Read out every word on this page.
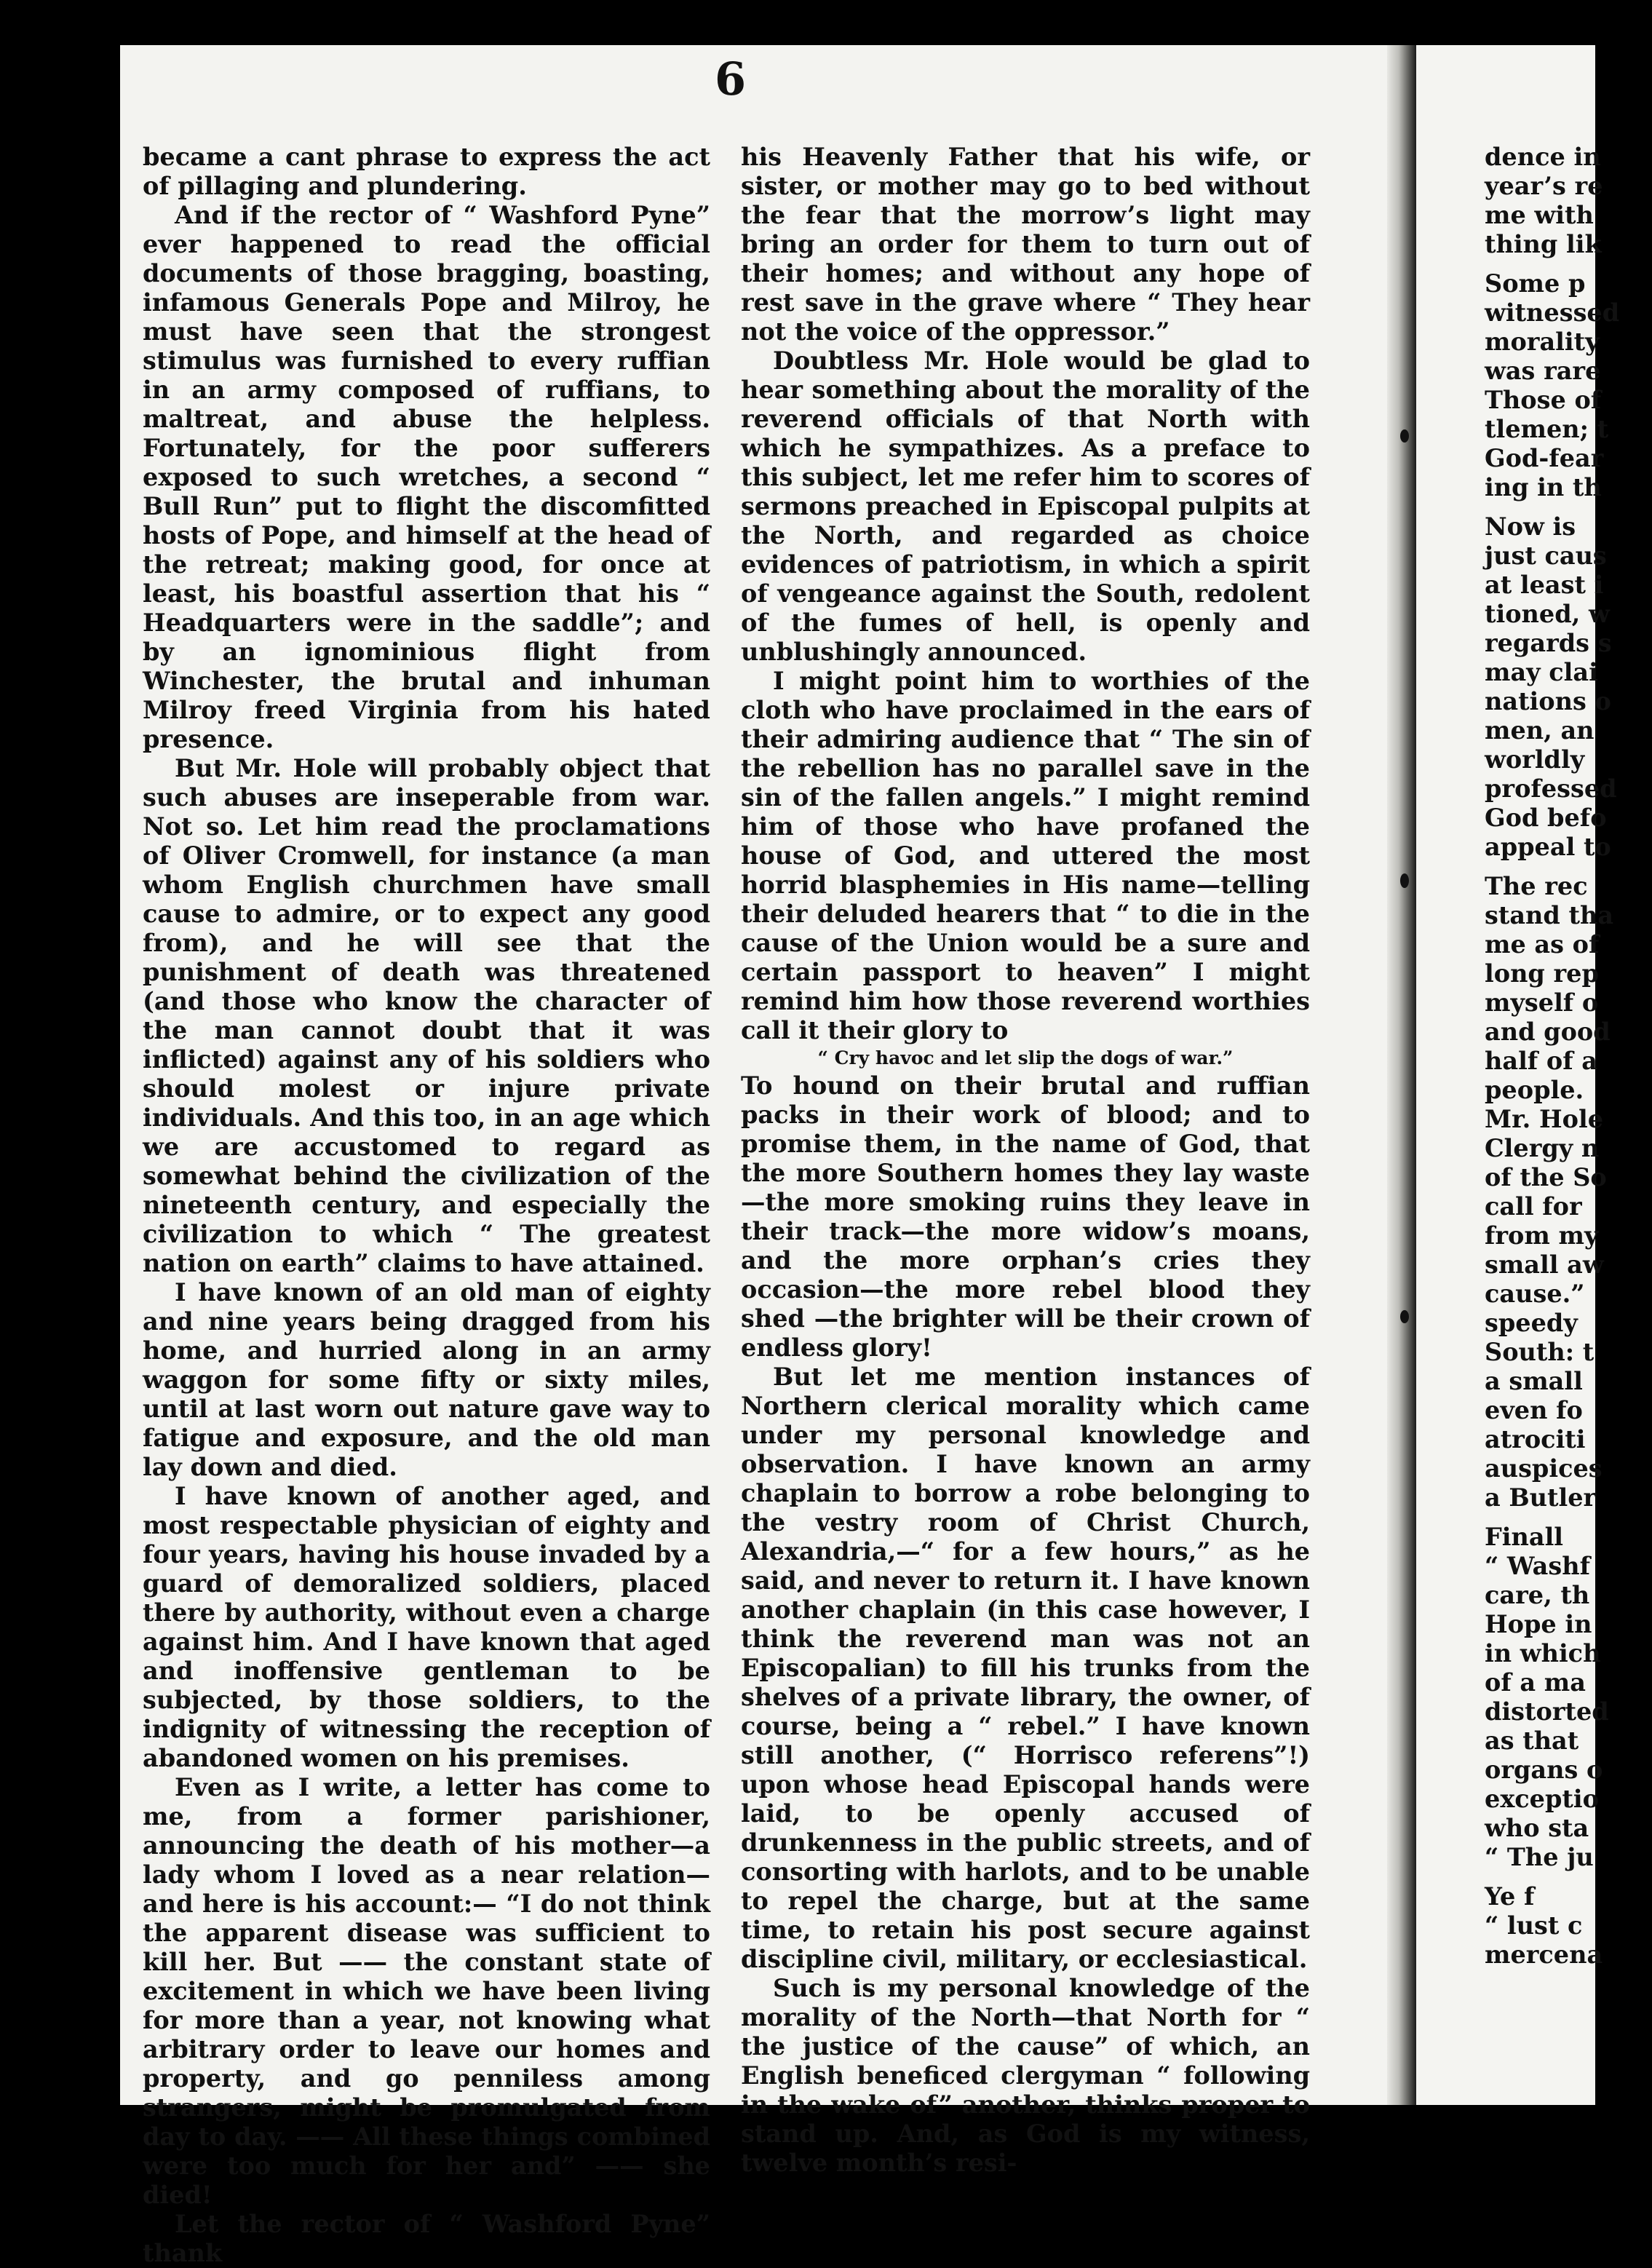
6

became a cant phrase to express the act of pillaging and plundering.

And if the rector of “ Washford Pyne” ever happened to read the official documents of those bragging, boasting, infamous Generals Pope and Milroy, he must have seen that the strongest stimulus was furnished to every ruffian in an army composed of ruffians, to maltreat, and abuse the helpless. Fortunately, for the poor sufferers exposed to such wretches, a second “ Bull Run” put to flight the discomfitted hosts of Pope, and himself at the head of the retreat; making good, for once at least, his boastful assertion that his “ Headquarters were in the saddle”; and by an ignominious flight from Winchester, the brutal and inhuman Milroy freed Virginia from his hated presence.

But Mr. Hole will probably object that such abuses are inseperable from war. Not so. Let him read the proclamations of Oliver Cromwell, for instance (a man whom English churchmen have small cause to admire, or to expect any good from), and he will see that the punishment of death was threatened (and those who know the character of the man cannot doubt that it was inflicted) against any of his soldiers who should molest or injure private individuals. And this too, in an age which we are accustomed to regard as somewhat behind the civilization of the nineteenth century, and especially the civilization to which “ The greatest nation on earth” claims to have attained.

I have known of an old man of eighty and nine years being dragged from his home, and hurried along in an army waggon for some fifty or sixty miles, until at last worn out nature gave way to fatigue and exposure, and the old man lay down and died.

I have known of another aged, and most respectable physician of eighty and four years, having his house invaded by a guard of demoralized soldiers, placed there by authority, without even a charge against him. And I have known that aged and inoffensive gentleman to be subjected, by those soldiers, to the indignity of witnessing the reception of abandoned women on his premises.

Even as I write, a letter has come to me, from a former parishioner, announcing the death of his mother—a lady whom I loved as a near relation—and here is his account:— “I do not think the apparent disease was sufficient to kill her. But —— the constant state of excitement in which we have been living for more than a year, not knowing what arbitrary order to leave our homes and property, and go penniless among strangers, might be promulgated from day to day. —— All these things combined were too much for her and” —— she died!

Let the rector of “ Washford Pyne” thank

his Heavenly Father that his wife, or sister, or mother may go to bed without the fear that the morrow’s light may bring an order for them to turn out of their homes; and without any hope of rest save in the grave where “ They hear not the voice of the oppressor.”

Doubtless Mr. Hole would be glad to hear something about the morality of the reverend officials of that North with which he sympathizes. As a preface to this subject, let me refer him to scores of sermons preached in Episcopal pulpits at the North, and regarded as choice evidences of patriotism, in which a spirit of vengeance against the South, redolent of the fumes of hell, is openly and unblushingly announced.

I might point him to worthies of the cloth who have proclaimed in the ears of their admiring audience that “ The sin of the rebellion has no parallel save in the sin of the fallen angels.” I might remind him of those who have profaned the house of God, and uttered the most horrid blasphemies in His name—telling their deluded hearers that “ to die in the cause of the Union would be a sure and certain passport to heaven” I might remind him how those reverend worthies call it their glory to

“ Cry havoc and let slip the dogs of war.”

To hound on their brutal and ruffian packs in their work of blood; and to promise them, in the name of God, that the more Southern homes they lay waste—the more smoking ruins they leave in their track—the more widow’s moans, and the more orphan’s cries they occasion—the more rebel blood they shed —the brighter will be their crown of endless glory!

But let me mention instances of Northern clerical morality which came under my personal knowledge and observation. I have known an army chaplain to borrow a robe belonging to the vestry room of Christ Church, Alexandria,—“ for a few hours,” as he said, and never to return it. I have known another chaplain (in this case however, I think the reverend man was not an Episcopalian) to fill his trunks from the shelves of a private library, the owner, of course, being a “ rebel.” I have known still another, (“ Horrisco referens”!) upon whose head Episcopal hands were laid, to be openly accused of drunkenness in the public streets, and of consorting with harlots, and to be unable to repel the charge, but at the same time, to retain his post secure against discipline civil, military, or ecclesiastical.

Such is my personal knowledge of the morality of the North—that North for “ the justice of the cause” of which, an English beneficed clergyman “ following in the wake of” another, thinks proper to stand up. And, as God is my witness, twelve month’s resi-

dence in

year’s re

me with

thing lik

Some p

witnessed

morality

was rare

Those of

tlemen; t

God-fear

ing in th

Now is

just caus

at least i

tioned, w

regards s

may clai

nations o

men, an

worldly

professed

God befo

appeal to

The rec

stand tha

me as of

long rep

myself o

and good

half of a

people.

Mr. Hole

Clergy n

of the So

call for

from my

small aw

cause.”

speedy

South: t

a small

even fo

atrociti

auspices

a Butler

Finall

“ Washf

care, th

Hope in

in which

of a ma

distorted

as that

organs o

exceptio

who sta

“ The ju

Ye f

“ lust c

mercena
